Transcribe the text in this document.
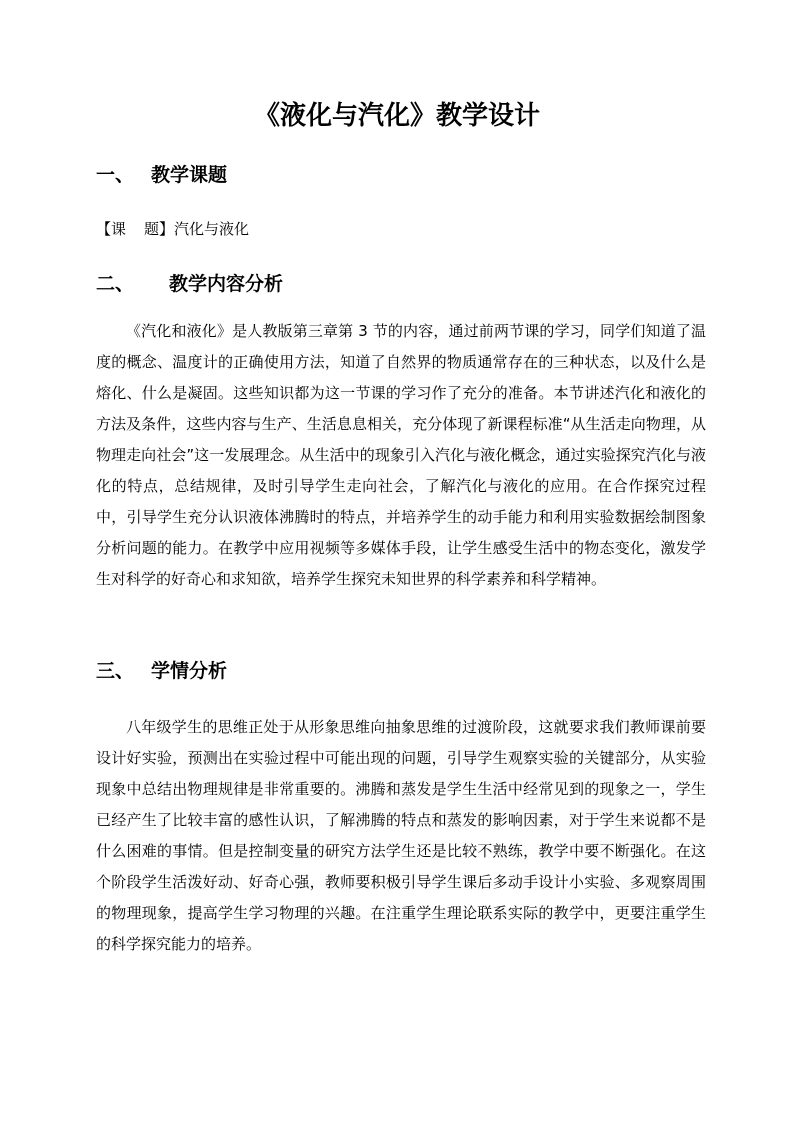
《液化与汽化》教学设计
一、 教学课题

【课 题】汽化与液化

二、 教学内容分析

《汽化和液化》是人教版第三章第 3 节的内容，通过前两节课的学习，同学们知道了温度的概念、温度计的正确使用方法，知道了自然界的物质通常存在的三种状态，以及什么是熔化、什么是凝固。这些知识都为这一节课的学习作了充分的准备。本节讲述汽化和液化的方法及条件，这些内容与生产、生活息息相关，充分体现了新课程标准“从生活走向物理，从物理走向社会”这一发展理念。从生活中的现象引入汽化与液化概念，通过实验探究汽化与液化的特点，总结规律，及时引导学生走向社会，了解汽化与液化的应用。在合作探究过程中，引导学生充分认识液体沸腾时的特点，并培养学生的动手能力和利用实验数据绘制图象分析问题的能力。在教学中应用视频等多媒体手段，让学生感受生活中的物态变化，激发学生对科学的好奇心和求知欲，培养学生探究未知世界的科学素养和科学精神。

三、 学情分析

八年级学生的思维正处于从形象思维向抽象思维的过渡阶段，这就要求我们教师课前要设计好实验，预测出在实验过程中可能出现的问题，引导学生观察实验的关键部分，从实验现象中总结出物理规律是非常重要的。沸腾和蒸发是学生生活中经常见到的现象之一，学生已经产生了比较丰富的感性认识，了解沸腾的特点和蒸发的影响因素，对于学生来说都不是什么困难的事情。但是控制变量的研究方法学生还是比较不熟练，教学中要不断强化。在这个阶段学生活泼好动、好奇心强，教师要积极引导学生课后多动手设计小实验、多观察周围的物理现象，提高学生学习物理的兴趣。在注重学生理论联系实际的教学中，更要注重学生的科学探究能力的培养。
